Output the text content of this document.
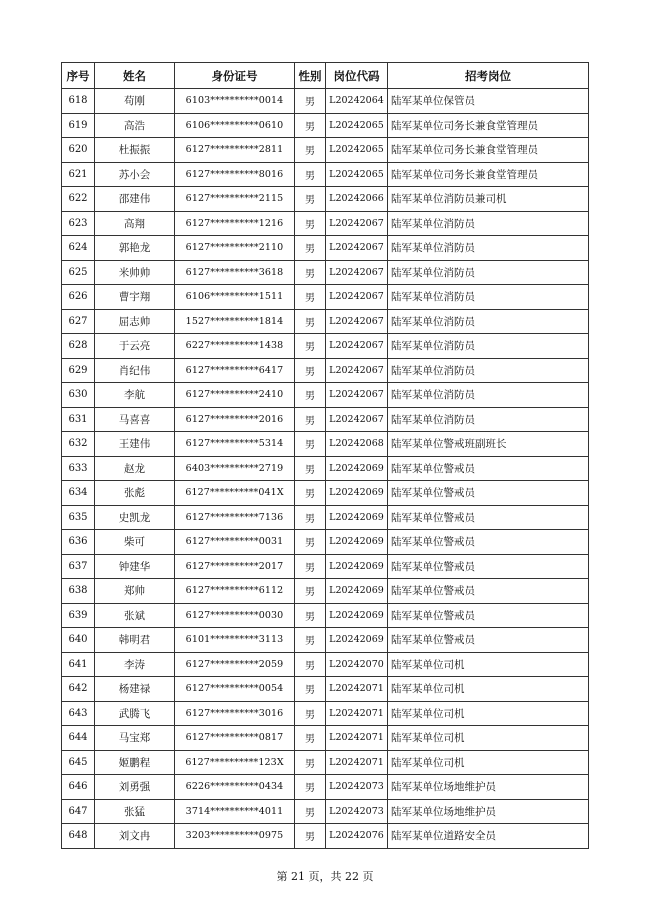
序号	姓名	身份证号	性别	岗位代码	招考岗位
618	苟刚	6103**********0014	男	L20242064	陆军某单位保管员
619	高浩	6106**********0610	男	L20242065	陆军某单位司务长兼食堂管理员
620	杜振振	6127**********2811	男	L20242065	陆军某单位司务长兼食堂管理员
621	苏小会	6127**********8016	男	L20242065	陆军某单位司务长兼食堂管理员
622	邵建伟	6127**********2115	男	L20242066	陆军某单位消防员兼司机
623	高翔	6127**********1216	男	L20242067	陆军某单位消防员
624	郭艳龙	6127**********2110	男	L20242067	陆军某单位消防员
625	米帅帅	6127**********3618	男	L20242067	陆军某单位消防员
626	曹宇翔	6106**********1511	男	L20242067	陆军某单位消防员
627	屈志帅	1527**********1814	男	L20242067	陆军某单位消防员
628	于云亮	6227**********1438	男	L20242067	陆军某单位消防员
629	肖纪伟	6127**********6417	男	L20242067	陆军某单位消防员
630	李航	6127**********2410	男	L20242067	陆军某单位消防员
631	马喜喜	6127**********2016	男	L20242067	陆军某单位消防员
632	王建伟	6127**********5314	男	L20242068	陆军某单位警戒班副班长
633	赵龙	6403**********2719	男	L20242069	陆军某单位警戒员
634	张彪	6127**********041X	男	L20242069	陆军某单位警戒员
635	史凯龙	6127**********7136	男	L20242069	陆军某单位警戒员
636	柴可	6127**********0031	男	L20242069	陆军某单位警戒员
637	钟建华	6127**********2017	男	L20242069	陆军某单位警戒员
638	郑帅	6127**********6112	男	L20242069	陆军某单位警戒员
639	张斌	6127**********0030	男	L20242069	陆军某单位警戒员
640	韩明君	6101**********3113	男	L20242069	陆军某单位警戒员
641	李涛	6127**********2059	男	L20242070	陆军某单位司机
642	杨建禄	6127**********0054	男	L20242071	陆军某单位司机
643	武腾飞	6127**********3016	男	L20242071	陆军某单位司机
644	马宝郑	6127**********0817	男	L20242071	陆军某单位司机
645	姬鹏程	6127**********123X	男	L20242071	陆军某单位司机
646	刘勇强	6226**********0434	男	L20242073	陆军某单位场地维护员
647	张猛	3714**********4011	男	L20242073	陆军某单位场地维护员
648	刘文冉	3203**********0975	男	L20242076	陆军某单位道路安全员
第 21 页，共 22 页
